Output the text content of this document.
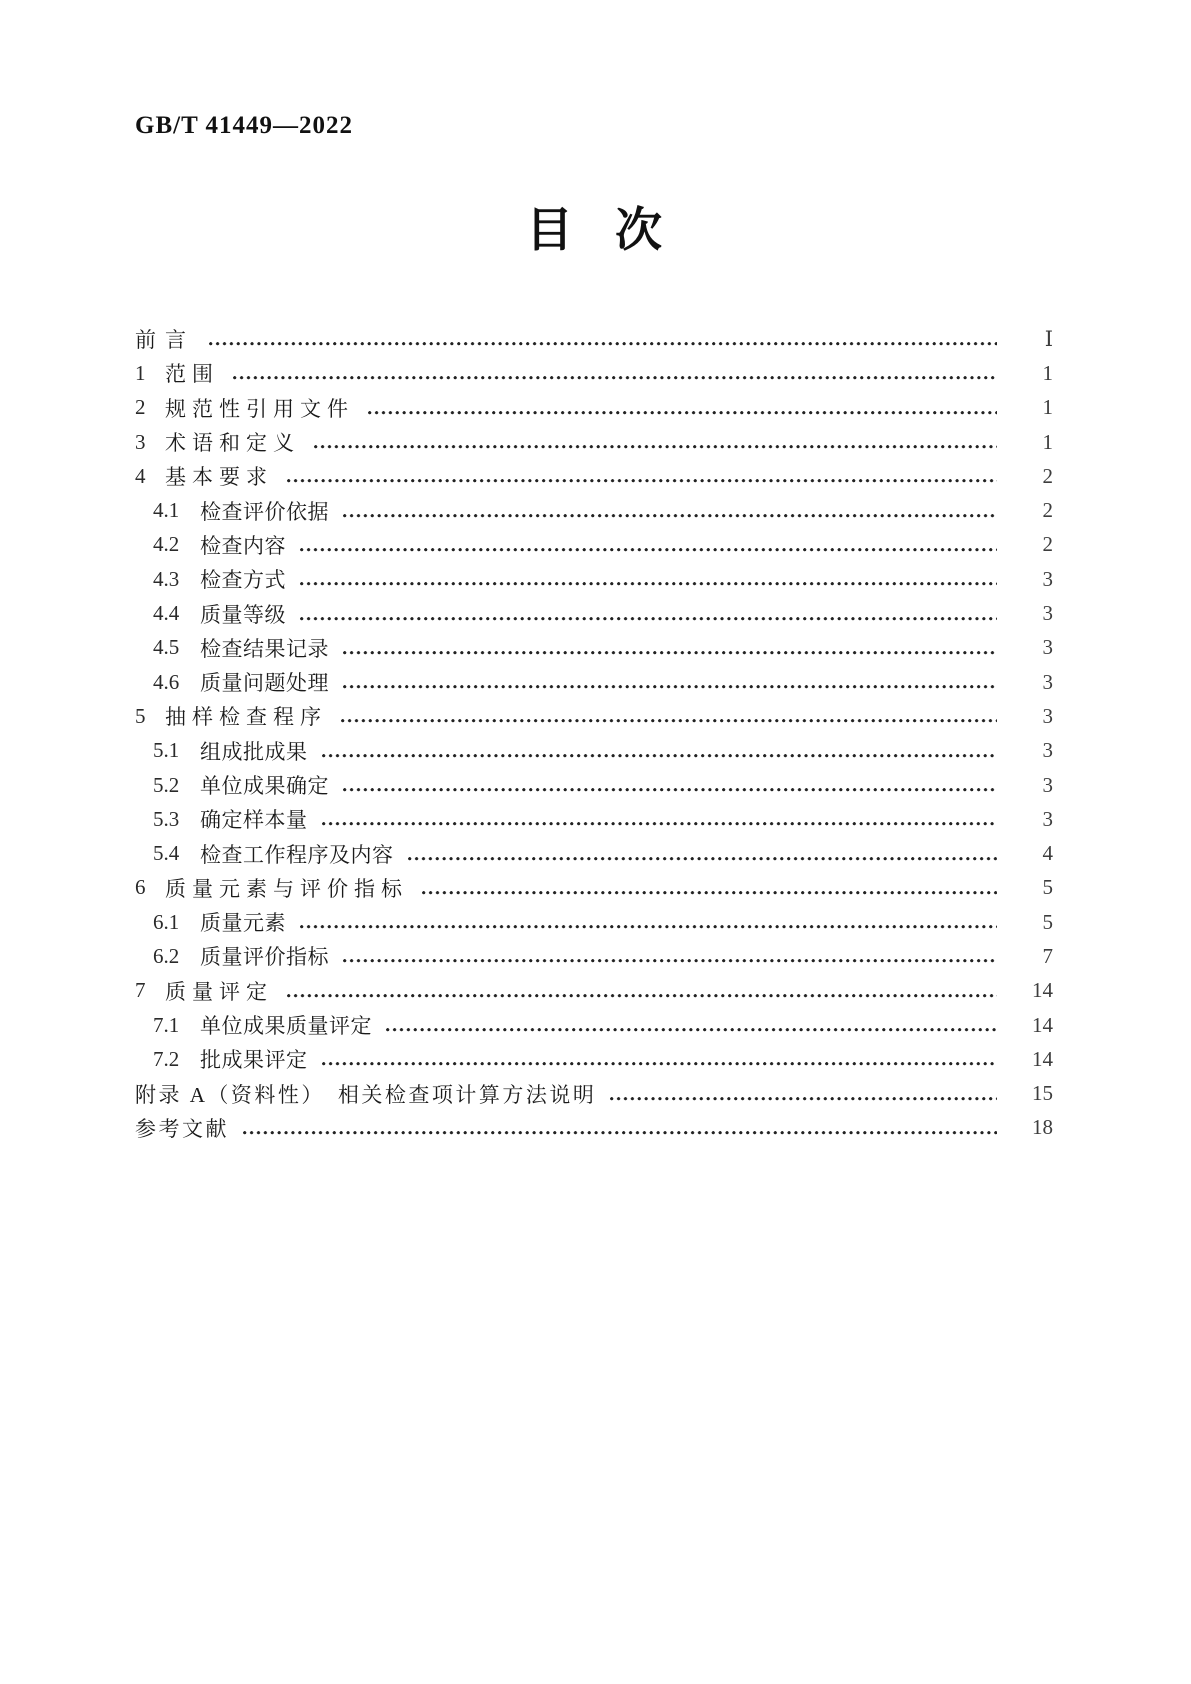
GB/T 41449—2022
目 次
前言	Ⅰ
1 范围	1
2 规范性引用文件	1
3 术语和定义	1
4 基本要求	2
4.1 检查评价依据	2
4.2 检查内容	2
4.3 检查方式	3
4.4 质量等级	3
4.5 检查结果记录	3
4.6 质量问题处理	3
5 抽样检查程序	3
5.1 组成批成果	3
5.2 单位成果确定	3
5.3 确定样本量	3
5.4 检查工作程序及内容	4
6 质量元素与评价指标	5
6.1 质量元素	5
6.2 质量评价指标	7
7 质量评定	14
7.1 单位成果质量评定	14
7.2 批成果评定	14
附录 A（资料性）　相关检查项计算方法说明	15
参考文献	18
